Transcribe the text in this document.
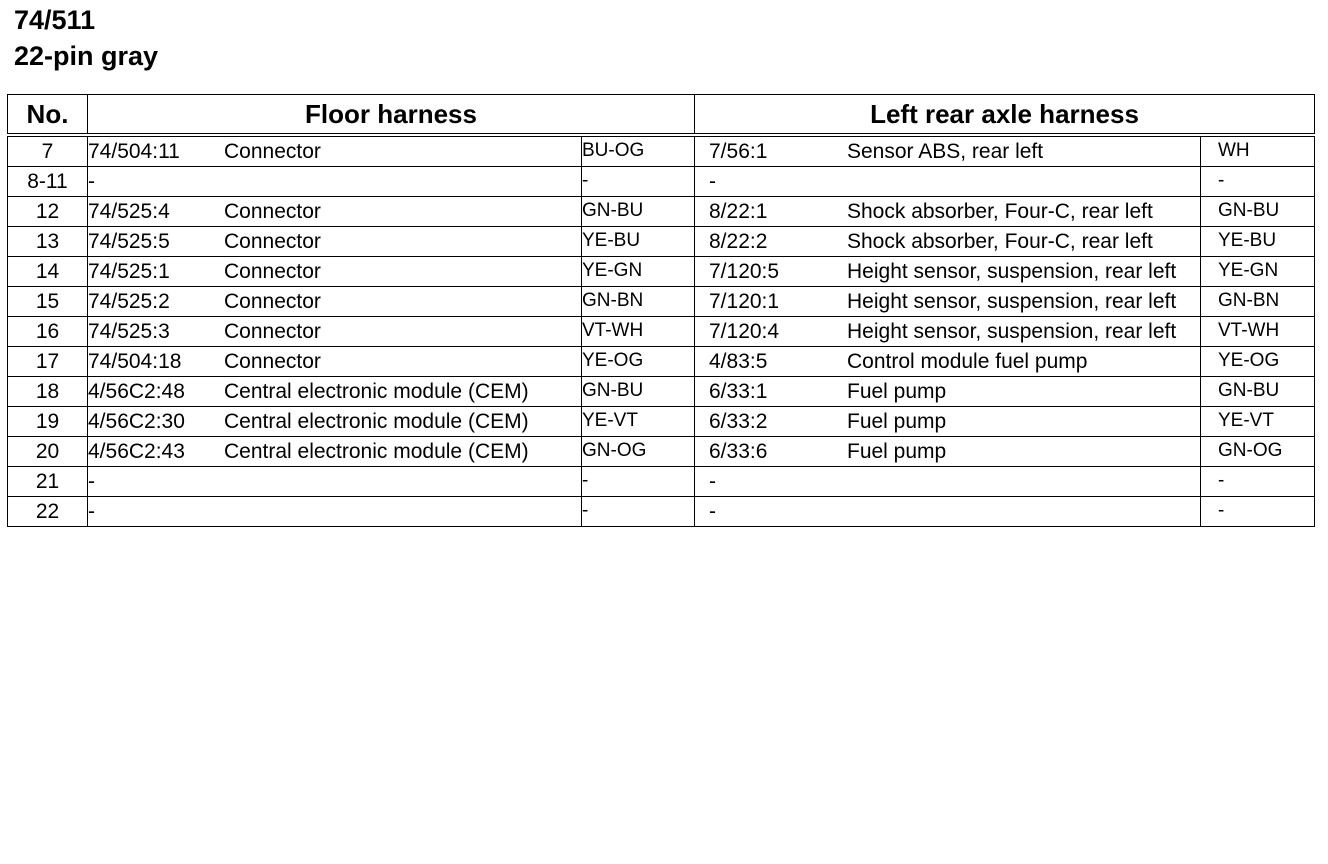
74/511
22-pin gray
No.	Floor harness		Left rear axle harness	
7	74/504:11 Connector	BU-OG	7/56:1 Sensor ABS, rear left	WH
8-11	-	-	-	-
12	74/525:4 Connector	GN-BU	8/22:1 Shock absorber, Four-C, rear left	GN-BU
13	74/525:5 Connector	YE-BU	8/22:2 Shock absorber, Four-C, rear left	YE-BU
14	74/525:1 Connector	YE-GN	7/120:5 Height sensor, suspension, rear left	YE-GN
15	74/525:2 Connector	GN-BN	7/120:1 Height sensor, suspension, rear left	GN-BN
16	74/525:3 Connector	VT-WH	7/120:4 Height sensor, suspension, rear left	VT-WH
17	74/504:18 Connector	YE-OG	4/83:5 Control module fuel pump	YE-OG
18	4/56C2:48 Central electronic module (CEM)	GN-BU	6/33:1 Fuel pump	GN-BU
19	4/56C2:30 Central electronic module (CEM)	YE-VT	6/33:2 Fuel pump	YE-VT
20	4/56C2:43 Central electronic module (CEM)	GN-OG	6/33:6 Fuel pump	GN-OG
21	-	-	-	-
22	-	-	-	-
